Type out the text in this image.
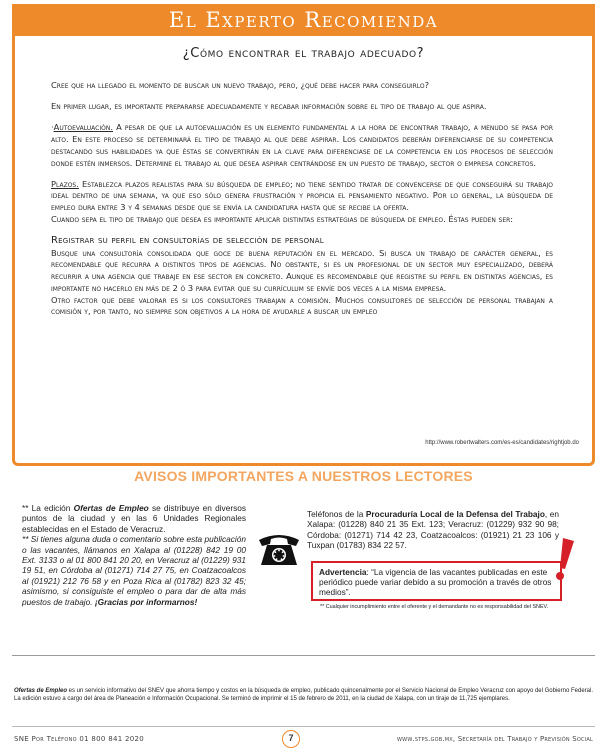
El Experto Recomienda
¿Cómo encontrar el trabajo adecuado?

Cree que ha llegado el momento de buscar un nuevo trabajo, pero, ¿qué debe hacer para conseguirlo?

En primer lugar, es importante prepararse adecuadamente y recabar información sobre el tipo de trabajo al que aspira.

·Autoevaluación. A pesar de que la autoevaluación es un elemento fundamental a la hora de encontrar trabajo, a menudo se pasa por alto. En este proceso se determinará el tipo de trabajo al que debe aspirar. Los candidatos deberán diferenciarse de su competencia destacando sus habilidades ya que éstas se convertirán en la clave para diferenciase de la competencia en los procesos de selección donde estén inmersos. Determine el trabajo al que desea aspirar centrándose en un puesto de trabajo, sector o empresa concretos.

Plazos. Establezca plazos realistas para su búsqueda de empleo; no tiene sentido tratar de convencerse de que conseguirá su trabajo ideal dentro de una semana, ya que eso sólo genera frustración y propicia el pensamiento negativo. Por lo general, la búsqueda de empleo dura entre 3 y 4 semanas desde que se envía la candidatura hasta que se recibe la oferta.

Cuando sepa el tipo de trabajo que desea es importante aplicar distintas estrategias de búsqueda de empleo. Éstas pueden ser:

Registrar su perfil en consultorías de selección de personal

Busque una consultoría consolidada que goce de buena reputación en el mercado. Si busca un trabajo de carácter general, es recomendable que recurra a distintos tipos de agencias. No obstante, si es un profesional de un sector muy especializado, deberá recurrir a una agencia que trabaje en ese sector en concreto. Aunque es recomendable que registre su perfil en distintas agencias, es importante no hacerlo en más de 2 ó 3 para evitar que su currículum se envíe dos veces a la misma empresa.

Otro factor que debe valorar es si los consultores trabajan a comisión. Muchos consultores de selección de personal trabajan a comisión y, por tanto, no siempre son objetivos a la hora de ayudarle a buscar un empleo

http://www.robertwalters.com/es-es/candidates/rightjob.do
AVISOS IMPORTANTES A NUESTROS LECTORES

** La edición Ofertas de Empleo se distribuye en diversos puntos de la ciudad y en las 6 Unidades Regionales establecidas en el Estado de Veracruz.

** Si tienes alguna duda o comentario sobre esta publicación o las vacantes, llámanos en Xalapa al (01228) 842 19 00 Ext. 3133 o al 01 800 841 20 20, en Veracruz al (01229) 931 19 51, en Córdoba al (01271) 714 27 75, en Coatzacoalcos al (01921) 212 76 58 y en Poza Rica al (01782) 823 32 45; asimismo, si consiguiste el empleo o para dar de alta más puestos de trabajo. ¡Gracias por informarnos!

Teléfonos de la Procuraduría Local de la Defensa del Trabajo, en Xalapa: (01228) 840 21 35 Ext. 123; Veracruz: (01229) 932 90 98; Córdoba: (01271) 714 42 23, Coatzacoalcos: (01921) 21 23 106 y Tuxpan (01783) 834 22 57.
Advertencia: “La vigencia de las vacantes publicadas en este periódico puede variar debido a su promoción a través de otros medios”.
** Cualquier incumplimiento entre el oferente y el demandante no es responsabilidad del SNEV.
Ofertas de Empleo es un servicio informativo del SNEV que ahorra tiempo y costos en la búsqueda de empleo, publicado quincenalmente por el Servicio Nacional de Empleo Veracruz con apoyo del Gobierno Federal. La edición estuvo a cargo del área de Planeación e Información Ocupacional. Se terminó de imprimir el 15 de febrero de 2011, en la ciudad de Xalapa, con un tiraje de 11,725 ejemplares.
SNE Por Teléfono 01 800 841 2020	7	www.stps.gob.mx, Secretaría del Trabajo y Previsión Social
